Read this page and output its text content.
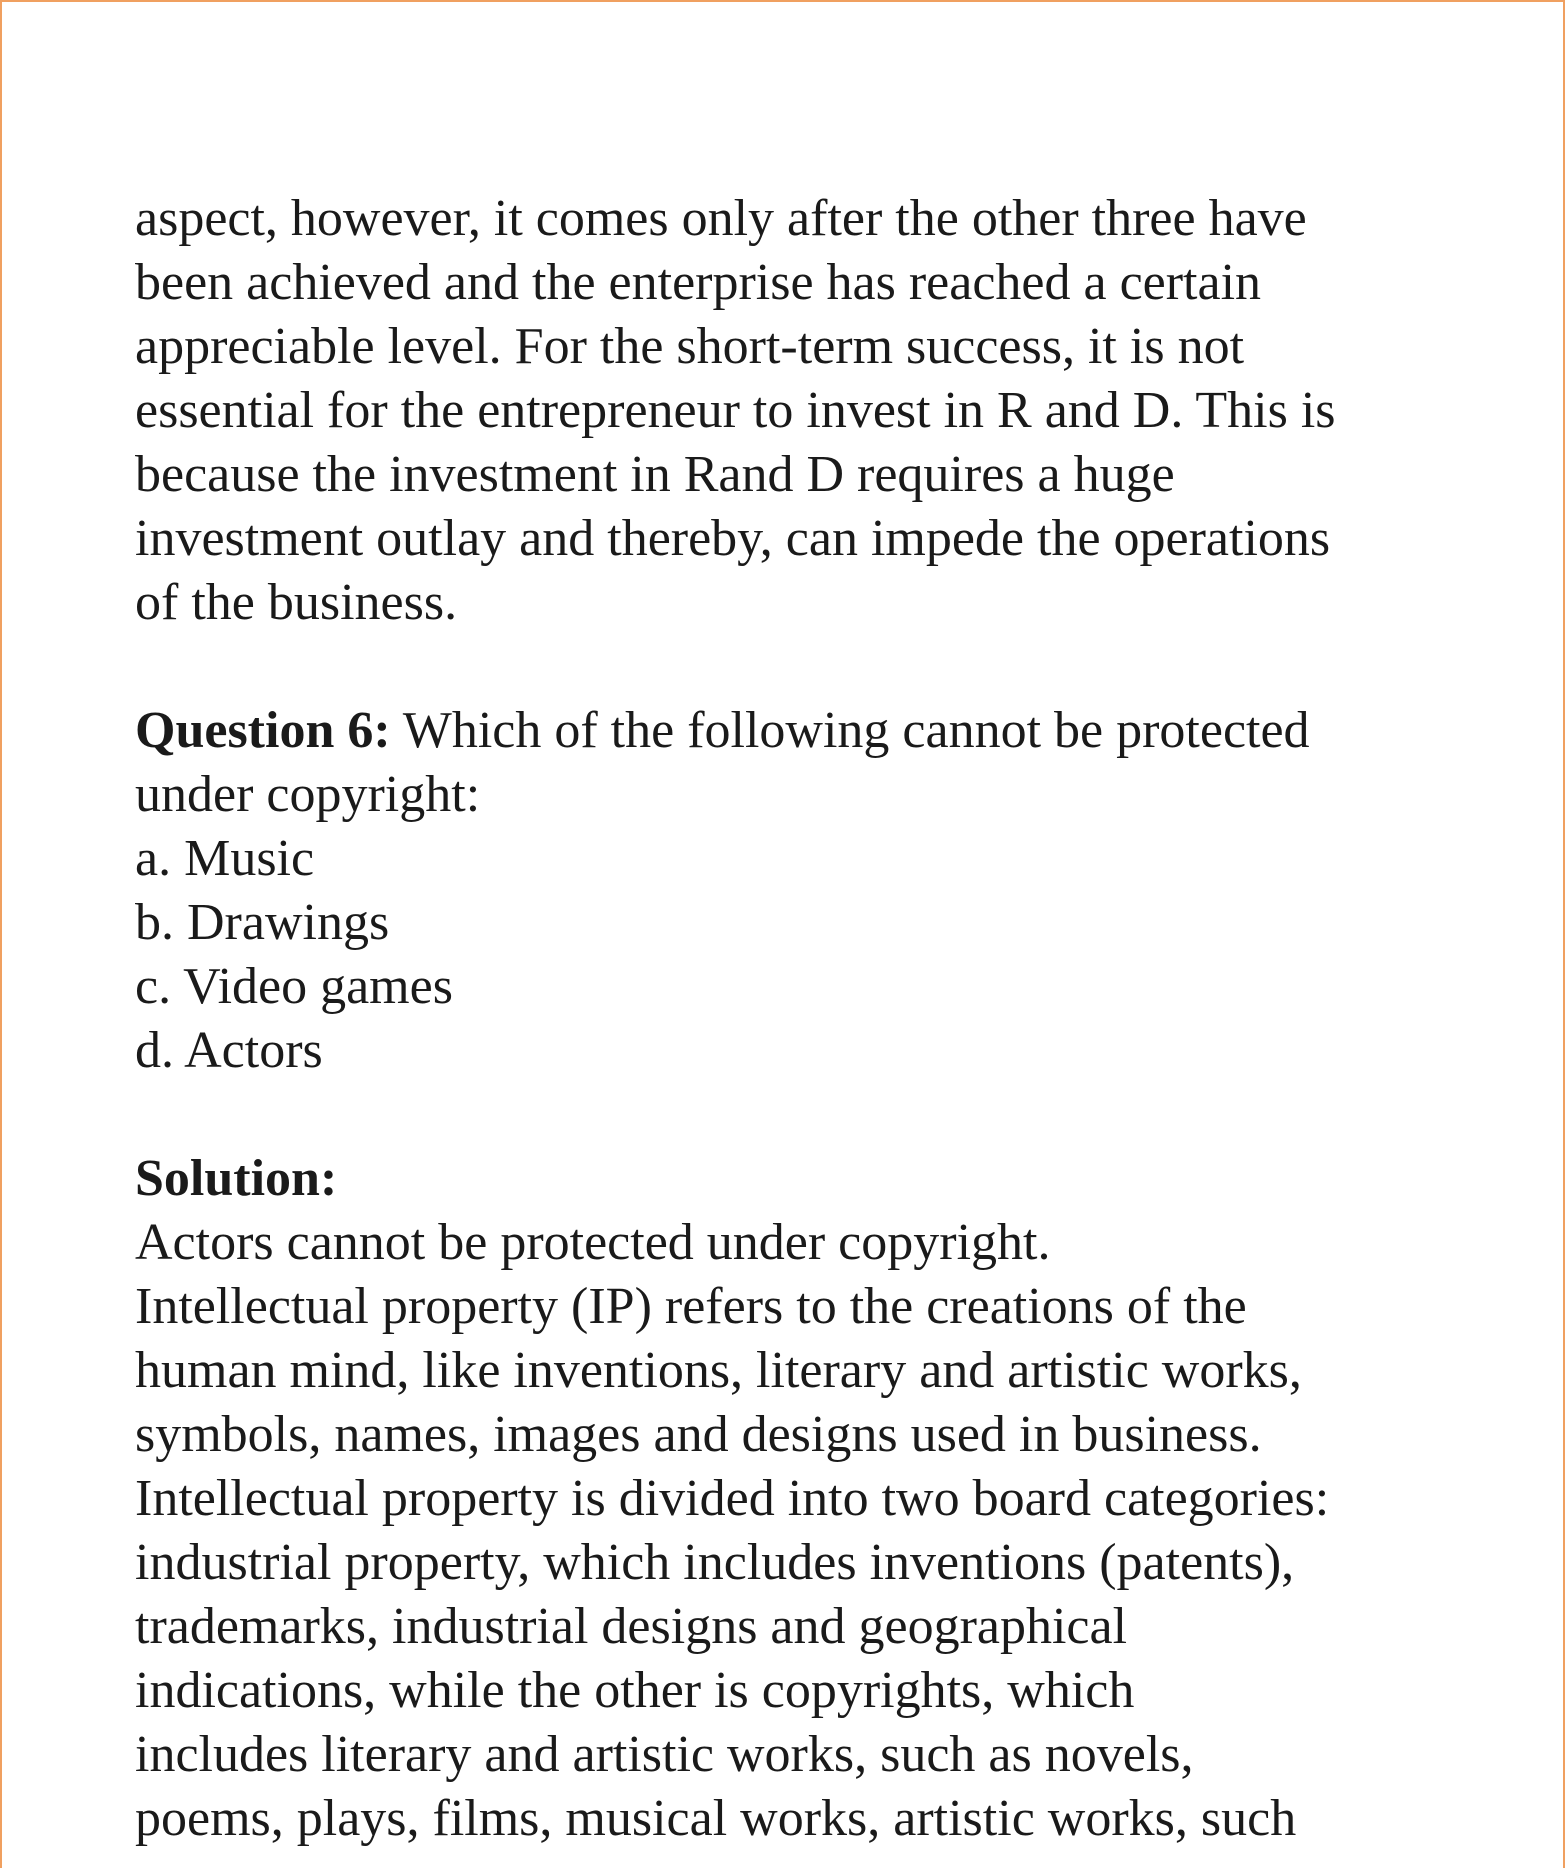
aspect, however, it comes only after the other three have
been achieved and the enterprise has reached a certain
appreciable level. For the short-term success, it is not
essential for the entrepreneur to invest in R and D. This is
because the investment in Rand D requires a huge
investment outlay and thereby, can impede the operations
of the business.
Question 6: Which of the following cannot be protected
under copyright:
a. Music
b. Drawings
c. Video games
d. Actors
Solution:
Actors cannot be protected under copyright.
Intellectual property (IP) refers to the creations of the
human mind, like inventions, literary and artistic works,
symbols, names, images and designs used in business.
Intellectual property is divided into two board categories:
industrial property, which includes inventions (patents),
trademarks, industrial designs and geographical
indications, while the other is copyrights, which
includes literary and artistic works, such as novels,
poems, plays, films, musical works, artistic works, such
